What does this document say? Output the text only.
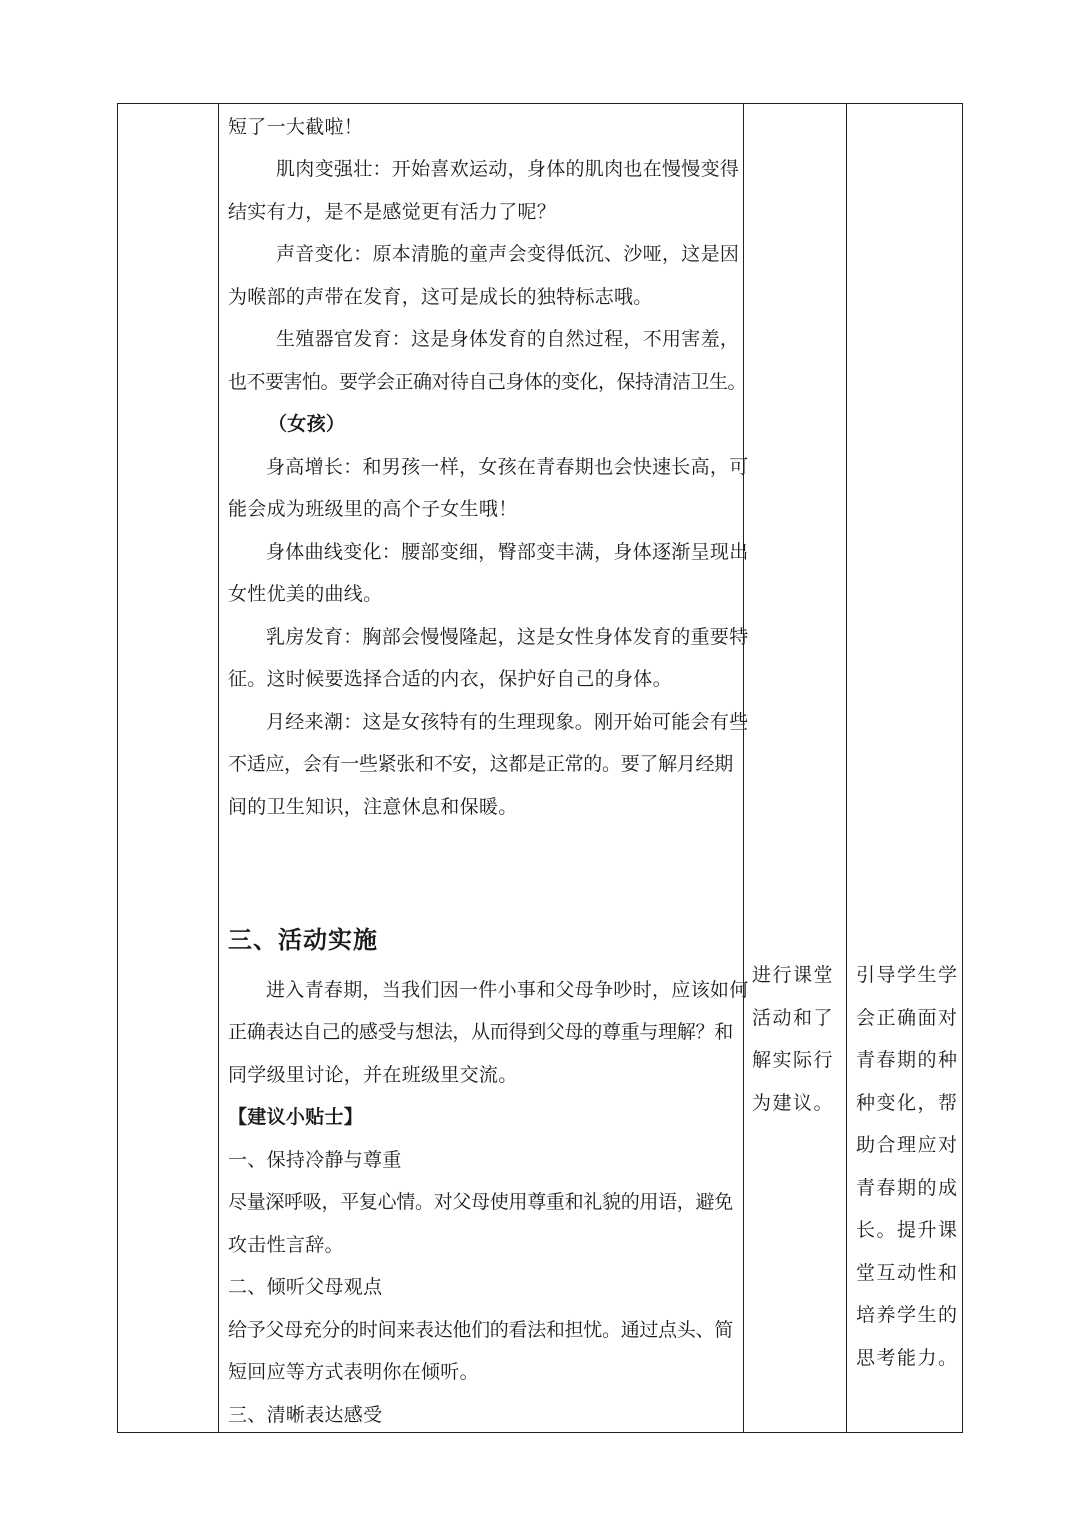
短了一大截啦！
肌肉变强壮：开始喜欢运动，身体的肌肉也在慢慢变得
结实有力，是不是感觉更有活力了呢？
声音变化：原本清脆的童声会变得低沉、沙哑，这是因
为喉部的声带在发育，这可是成长的独特标志哦。
生殖器官发育：这是身体发育的自然过程，不用害羞，
也不要害怕。要学会正确对待自己身体的变化，保持清洁卫生。
（女孩）
身高增长：和男孩一样，女孩在青春期也会快速长高，可
能会成为班级里的高个子女生哦！
身体曲线变化：腰部变细，臀部变丰满，身体逐渐呈现出
女性优美的曲线。
乳房发育：胸部会慢慢隆起，这是女性身体发育的重要特
征。这时候要选择合适的内衣，保护好自己的身体。
月经来潮：这是女孩特有的生理现象。刚开始可能会有些
不适应，会有一些紧张和不安，这都是正常的。要了解月经期
间的卫生知识，注意休息和保暖。
三、活动实施
进入青春期，当我们因一件小事和父母争吵时，应该如何
正确表达自己的感受与想法，从而得到父母的尊重与理解？和
同学级里讨论，并在班级里交流。
【建议小贴士】
一、保持冷静与尊重
尽量深呼吸，平复心情。对父母使用尊重和礼貌的用语，避免
攻击性言辞。
二、倾听父母观点
给予父母充分的时间来表达他们的看法和担忧。通过点头、简
短回应等方式表明你在倾听。
三、清晰表达感受
进行课堂
活动和了
解实际行
为建议。
引导学生学
会正确面对
青春期的种
种变化，帮
助合理应对
青春期的成
长。提升课
堂互动性和
培养学生的
思考能力。
